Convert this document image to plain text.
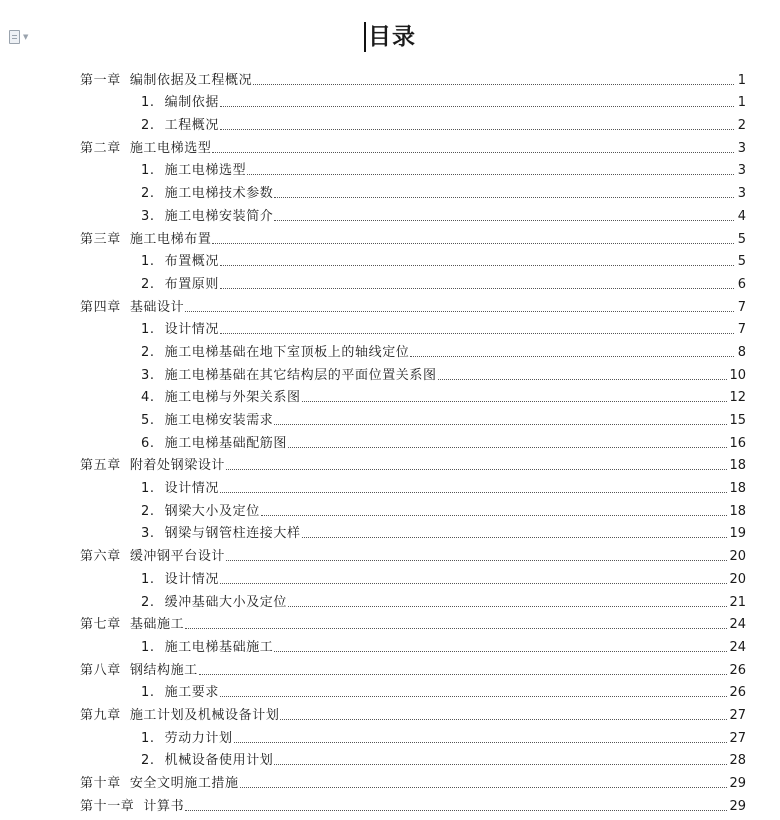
▼	目录
第一章 编制依据及工程概况	1
1. 编制依据	1
2. 工程概况	2
第二章 施工电梯选型	3
1. 施工电梯选型	3
2. 施工电梯技术参数	3
3. 施工电梯安装简介	4
第三章 施工电梯布置	5
1. 布置概况	5
2. 布置原则	6
第四章 基础设计	7
1. 设计情况	7
2. 施工电梯基础在地下室顶板上的轴线定位	8
3. 施工电梯基础在其它结构层的平面位置关系图	10
4. 施工电梯与外架关系图	12
5. 施工电梯安装需求	15
6. 施工电梯基础配筋图	16
第五章 附着处钢梁设计	18
1. 设计情况	18
2. 钢梁大小及定位	18
3. 钢梁与钢管柱连接大样	19
第六章 缓冲钢平台设计	20
1. 设计情况	20
2. 缓冲基础大小及定位	21
第七章 基础施工	24
1. 施工电梯基础施工	24
第八章 钢结构施工	26
1. 施工要求	26
第九章 施工计划及机械设备计划	27
1. 劳动力计划	27
2. 机械设备使用计划	28
第十章 安全文明施工措施	29
第十一章 计算书	29
